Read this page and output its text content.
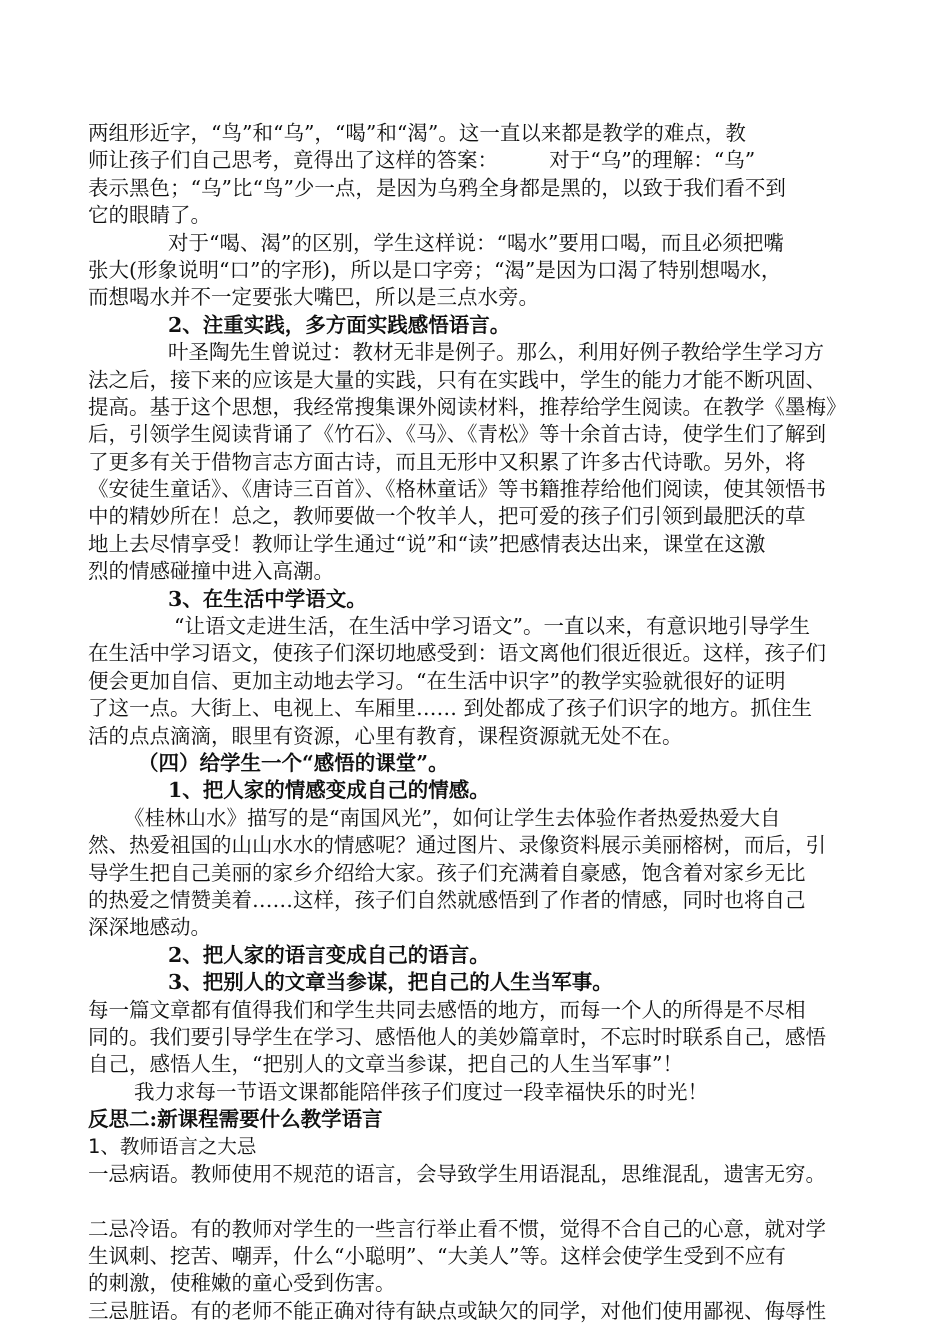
两组形近字，“鸟”和“乌”，“喝”和“渴”。这一直以来都是教学的难点，教
师让孩子们自己思考，竟得出了这样的答案：　　　对于“乌”的理解：“乌”
表示黑色；“乌”比“鸟”少一点，是因为乌鸦全身都是黑的，以致于我们看不到
它的眼睛了。
对于“喝、渴”的区别，学生这样说：“喝水”要用口喝，而且必须把嘴
张大(形象说明“口”的字形)，所以是口字旁；“渴”是因为口渴了特别想喝水，
而想喝水并不一定要张大嘴巴，所以是三点水旁。
2、注重实践，多方面实践感悟语言。
叶圣陶先生曾说过：教材无非是例子。那么，利用好例子教给学生学习方
法之后，接下来的应该是大量的实践，只有在实践中，学生的能力才能不断巩固、
提高。基于这个思想，我经常搜集课外阅读材料，推荐给学生阅读。在教学《墨梅》
后，引领学生阅读背诵了《竹石》、《马》、《青松》等十余首古诗，使学生们了解到
了更多有关于借物言志方面古诗，而且无形中又积累了许多古代诗歌。另外，将
《安徒生童话》、《唐诗三百首》、《格林童话》等书籍推荐给他们阅读，使其领悟书
中的精妙所在！总之，教师要做一个牧羊人，把可爱的孩子们引领到最肥沃的草
地上去尽情享受！教师让学生通过“说”和“读”把感情表达出来，课堂在这激
烈的情感碰撞中进入高潮。
3、在生活中学语文。
“让语文走进生活，在生活中学习语文”。一直以来，有意识地引导学生
在生活中学习语文，使孩子们深切地感受到：语文离他们很近很近。这样，孩子们
便会更加自信、更加主动地去学习。“在生活中识字”的教学实验就很好的证明
了这一点。大街上、电视上、车厢里…… 到处都成了孩子们识字的地方。抓住生
活的点点滴滴，眼里有资源，心里有教育，课程资源就无处不在。
（四）给学生一个“感悟的课堂”。
1、把人家的情感变成自己的情感。
《桂林山水》描写的是“南国风光”，如何让学生去体验作者热爱热爱大自
然、热爱祖国的山山水水的情感呢？通过图片、录像资料展示美丽榕树，而后，引
导学生把自己美丽的家乡介绍给大家。孩子们充满着自豪感，饱含着对家乡无比
的热爱之情赞美着……这样，孩子们自然就感悟到了作者的情感，同时也将自己
深深地感动。
2、把人家的语言变成自己的语言。
3、把别人的文章当参谋，把自己的人生当军事。
每一篇文章都有值得我们和学生共同去感悟的地方，而每一个人的所得是不尽相
同的。我们要引导学生在学习、感悟他人的美妙篇章时，不忘时时联系自己，感悟
自己，感悟人生，“把别人的文章当参谋，把自己的人生当军事”！
我力求每一节语文课都能陪伴孩子们度过一段幸福快乐的时光！
反思二:新课程需要什么教学语言
1、教师语言之大忌
一忌病语。教师使用不规范的语言，会导致学生用语混乱，思维混乱，遗害无穷。
二忌冷语。有的教师对学生的一些言行举止看不惯，觉得不合自己的心意，就对学
生讽刺、挖苦、嘲弄，什么“小聪明”、“大美人”等。这样会使学生受到不应有
的刺激，使稚嫩的童心受到伤害。
三忌脏语。有的老师不能正确对待有缺点或缺欠的同学，对他们使用鄙视、侮辱性
